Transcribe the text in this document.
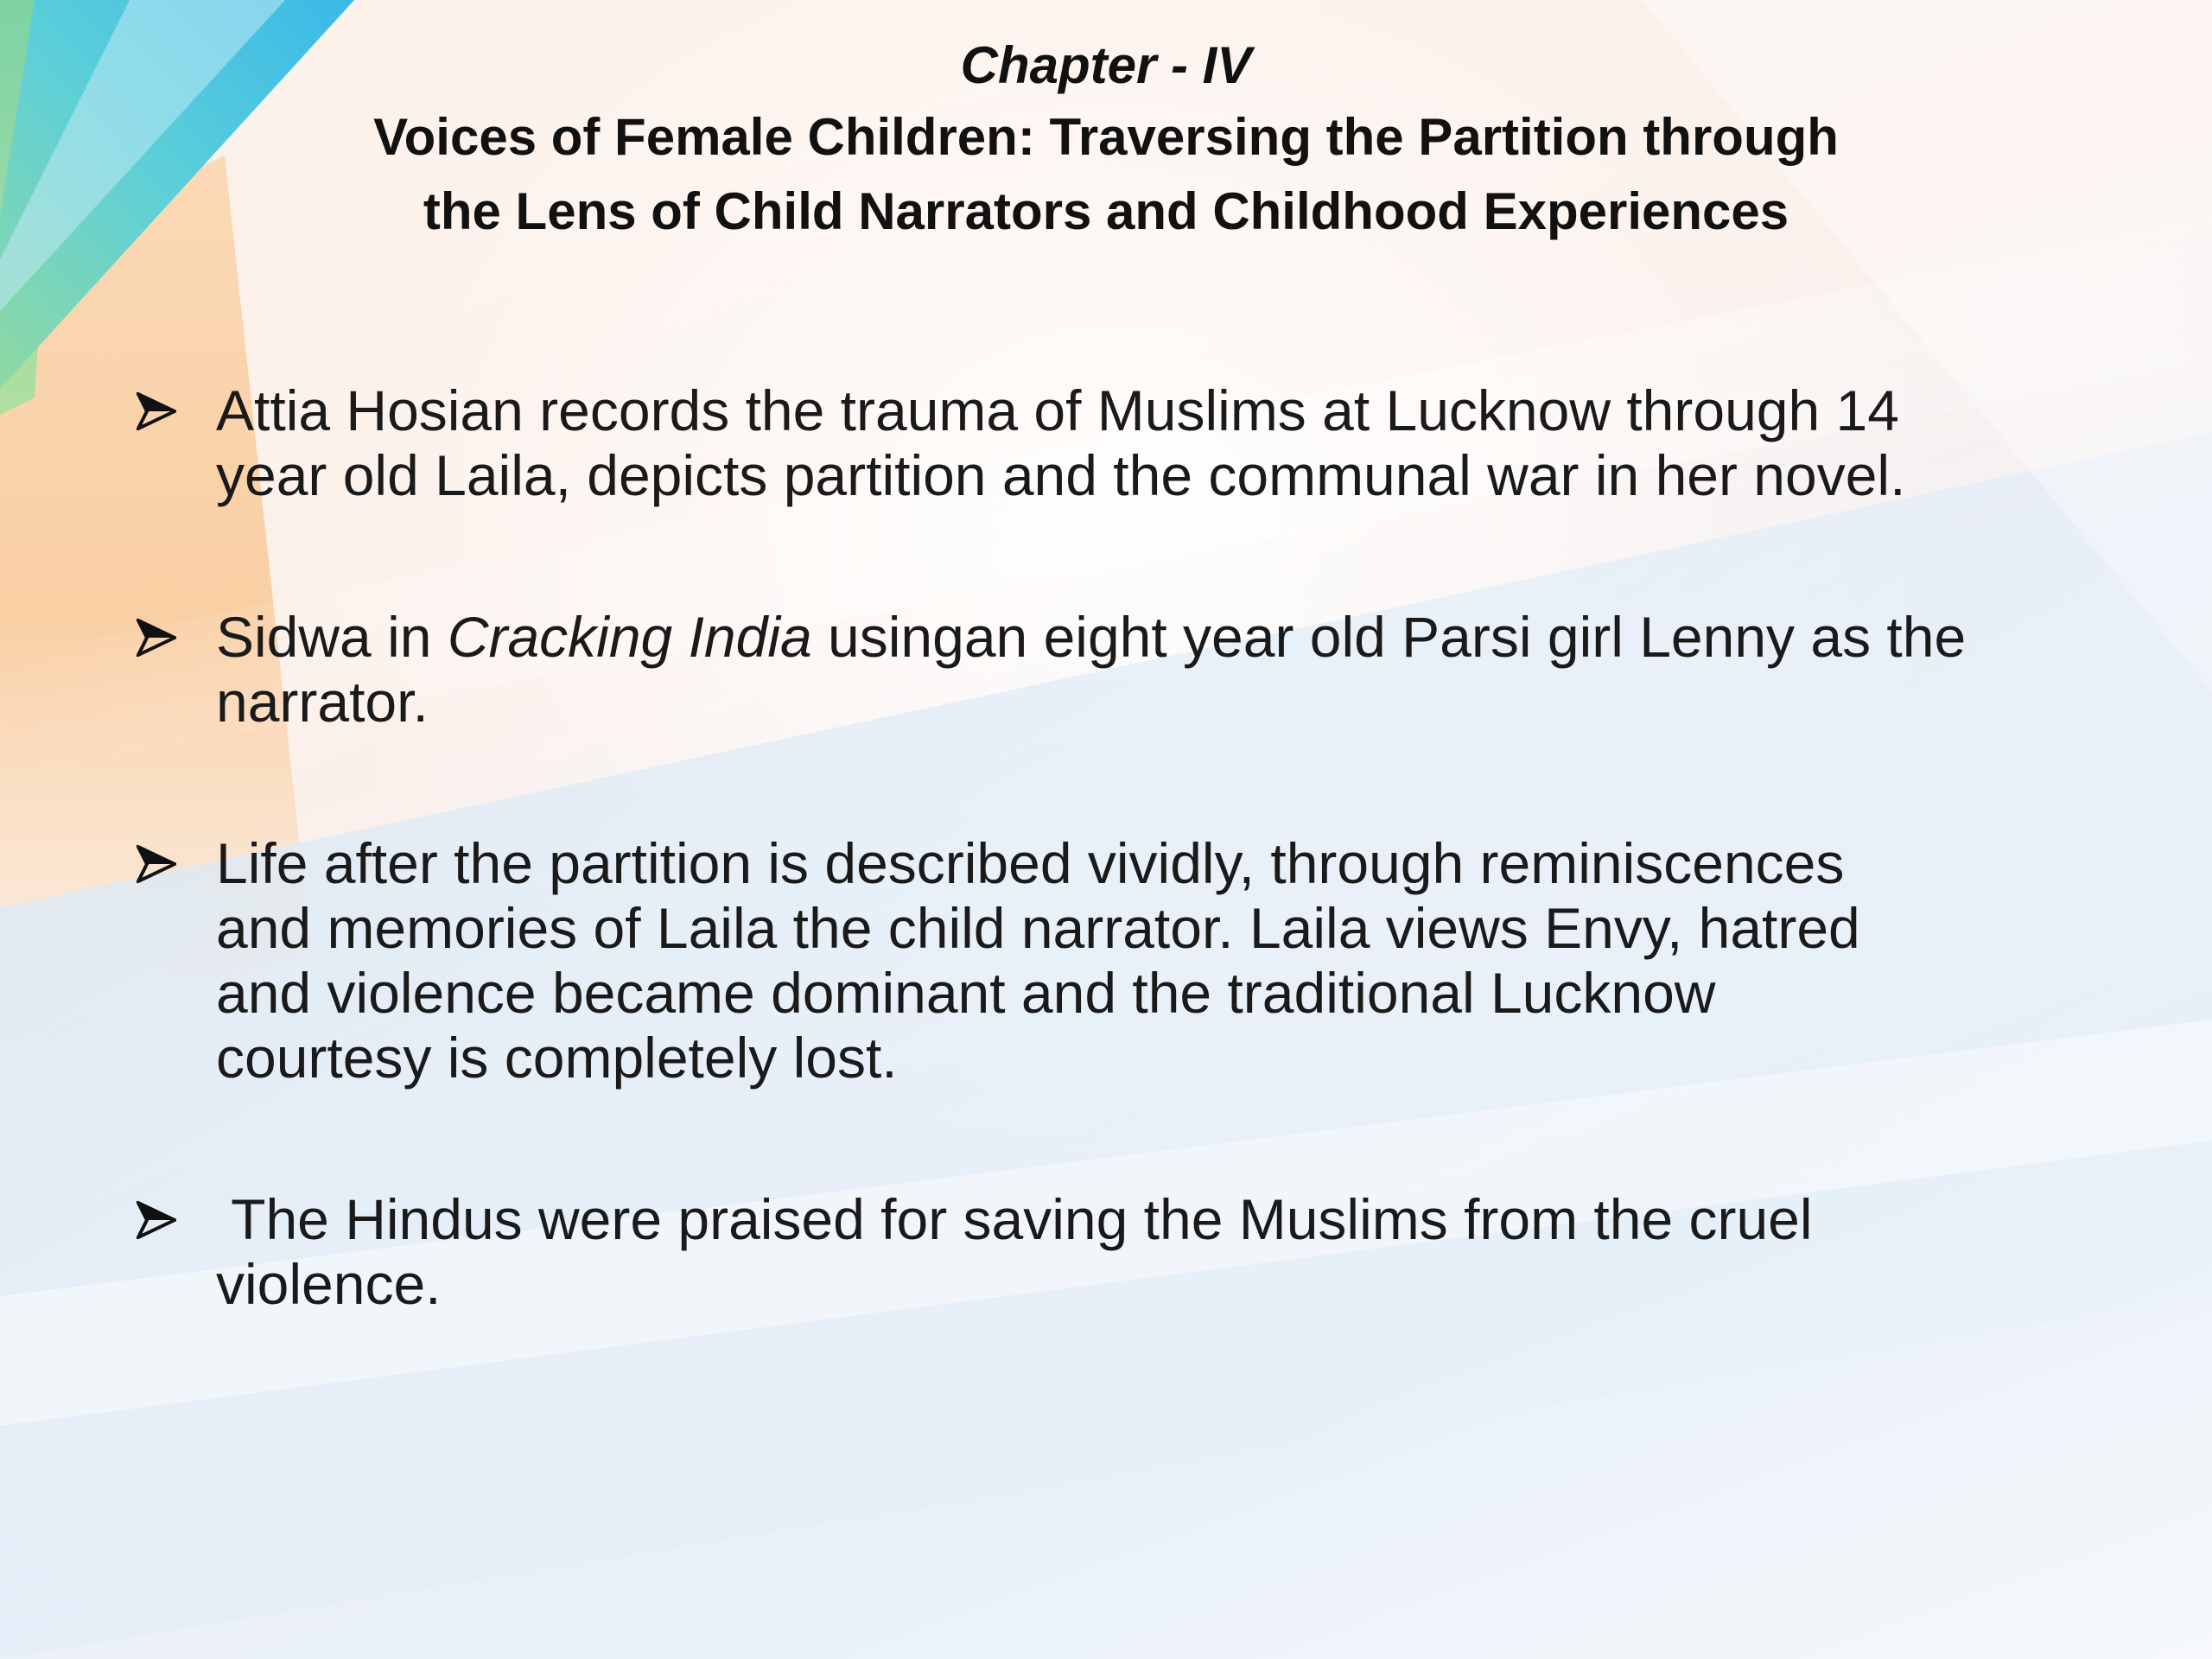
Chapter - IV
Voices of Female Children: Traversing the Partition through
the Lens of Child Narrators and Childhood Experiences
Attia Hosian records the trauma of Muslims at Lucknow through 14
year old Laila, depicts partition and the communal war in her novel.
Sidwa in Cracking India usingan eight year old Parsi girl Lenny as the
narrator.
Life after the partition is described vividly, through reminiscences
and memories of Laila the child narrator. Laila views Envy, hatred
and violence became dominant and the traditional Lucknow
courtesy is completely lost.
The Hindus were praised for saving the Muslims from the cruel
violence.
